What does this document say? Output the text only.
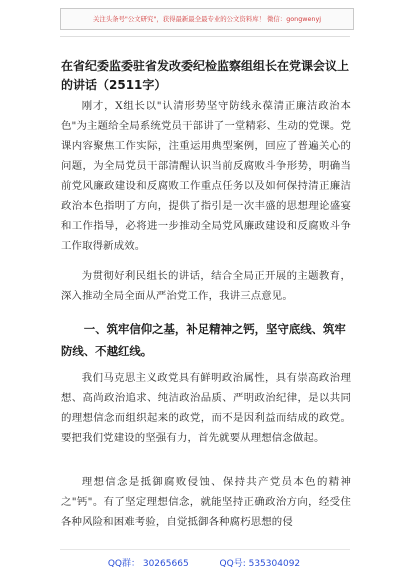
关注头条号"公文研究"，获得最新最全最专业的公文资料库！ 微信：gongwenyj
在省纪委监委驻省发改委纪检监察组组长在党课会议上的讲话（2511字）

刚才，X组长以"认清形势坚守防线永葆清正廉洁政治本色"为主题给全局系统党员干部讲了一堂精彩、生动的党课。党课内容聚焦工作实际，注重运用典型案例，回应了普遍关心的问题，为全局党员干部清醒认识当前反腐败斗争形势，明确当前党风廉政建设和反腐败工作重点任务以及如何保持清正廉洁政治本色指明了方向，提供了指引是一次丰盛的思想理论盛宴和工作指导，必将进一步推动全局党风廉政建设和反腐败斗争工作取得新成效。

为贯彻好利民组长的讲话，结合全局正开展的主题教育，深入推动全局全面从严治党工作，我讲三点意见。

一、筑牢信仰之基，补足精神之钙，坚守底线、筑牢防线、不越红线。

我们马克思主义政党具有鲜明政治属性，具有崇高政治理想、高尚政治追求、纯洁政治品质、严明政治纪律，是以共同的理想信念而组织起来的政党，而不是因利益而结成的政党。要把我们党建设的坚强有力，首先就要从理想信念做起。

理想信念是抵御腐败侵蚀、保持共产党员本色的精神之"钙"。有了坚定理想信念，就能坚持正确政治方向，经受住各种风险和困难考验，自觉抵御各种腐朽思想的侵

QQ群： 30265665	QQ号: 535304092
